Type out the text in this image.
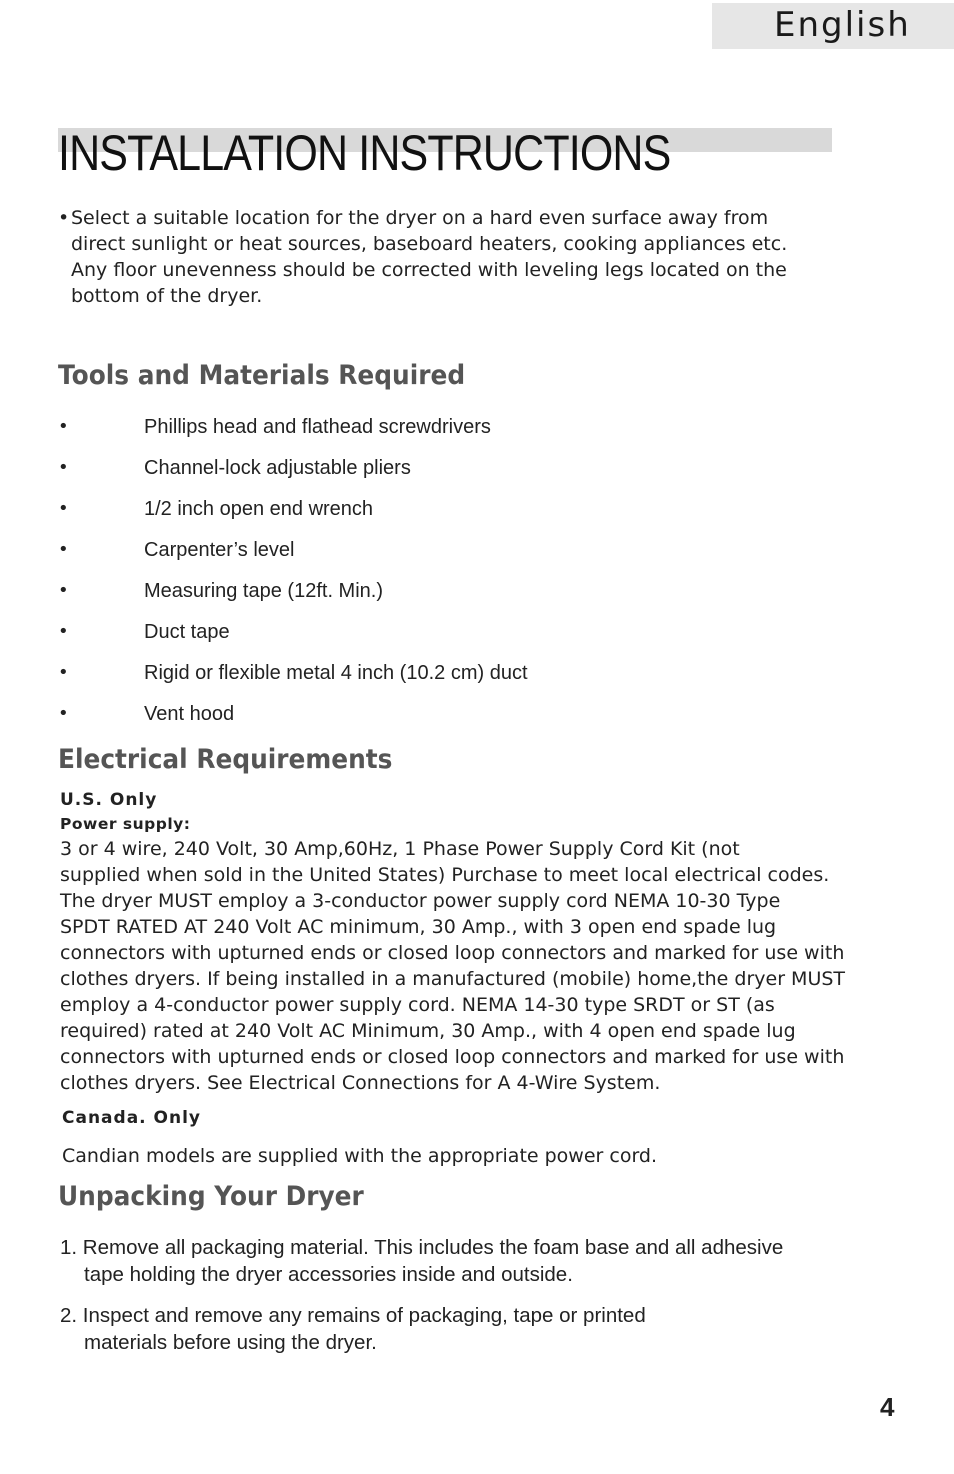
English
INSTALLATION INSTRUCTIONS
• Select a suitable location for the dryer on a hard even surface away from
direct sunlight or heat sources, baseboard heaters, cooking appliances etc.
Any floor unevenness should be corrected with leveling legs located on the
bottom of the dryer.
Tools and Materials Required
•	Phillips head and flathead screwdrivers
•	Channel-lock adjustable pliers
•	1/2 inch open end wrench
•	Carpenter’s level
•	Measuring tape (12ft. Min.)
•	Duct tape
•	Rigid or flexible metal 4 inch (10.2 cm) duct
•	Vent hood
Electrical Requirements
U.S. Only
Power supply:
3 or 4 wire, 240 Volt, 30 Amp,60Hz, 1 Phase Power Supply Cord Kit (not
supplied when sold in the United States) Purchase to meet local electrical codes.
The dryer MUST employ a 3-conductor power supply cord NEMA 10-30 Type
SPDT RATED AT 240 Volt AC minimum, 30 Amp., with 3 open end spade lug
connectors with upturned ends or closed loop connectors and marked for use with
clothes dryers. If being installed in a manufactured (mobile) home,the dryer MUST
employ a 4-conductor power supply cord. NEMA 14-30 type SRDT or ST (as
required) rated at 240 Volt AC Minimum, 30 Amp., with 4 open end spade lug
connectors with upturned ends or closed loop connectors and marked for use with
clothes dryers. See Electrical Connections for A 4-Wire System.
Canada. Only
Candian models are supplied with the appropriate power cord.
Unpacking Your Dryer
1. Remove all packaging material. This includes the foam base and all adhesive
tape holding the dryer accessories inside and outside.
2. Inspect and remove any remains of packaging, tape or printed
materials before using the dryer.
4
